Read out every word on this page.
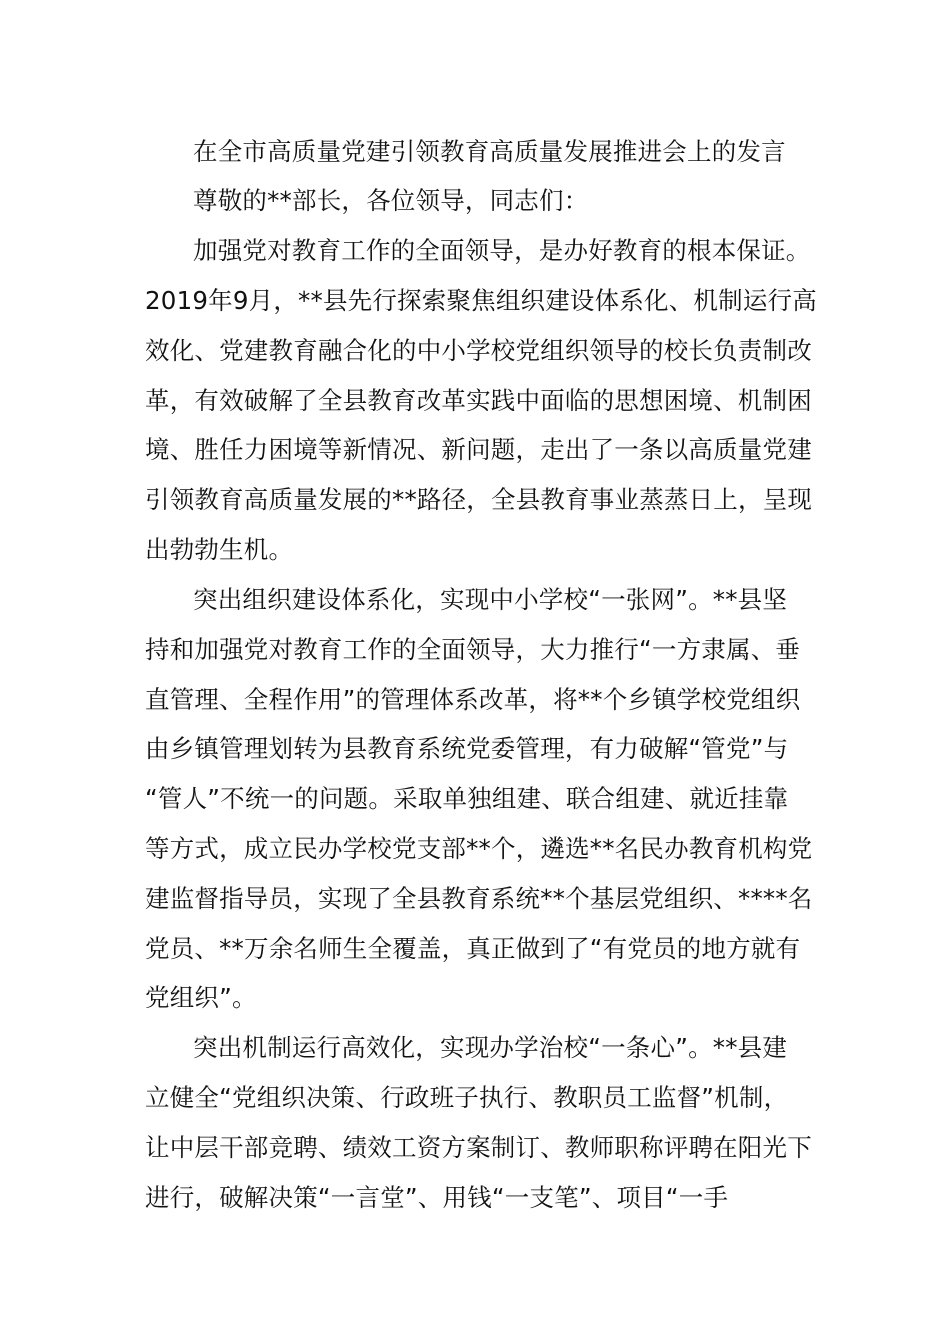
在全市高质量党建引领教育高质量发展推进会上的发言
尊敬的**部长，各位领导，同志们：
加强党对教育工作的全面领导，是办好教育的根本保证。
2019年9月，**县先行探索聚焦组织建设体系化、机制运行高
效化、党建教育融合化的中小学校党组织领导的校长负责制改
革，有效破解了全县教育改革实践中面临的思想困境、机制困
境、胜任力困境等新情况、新问题，走出了一条以高质量党建
引领教育高质量发展的**路径，全县教育事业蒸蒸日上，呈现
出勃勃生机。
突出组织建设体系化，实现中小学校“一张网”。**县坚
持和加强党对教育工作的全面领导，大力推行“一方隶属、垂
直管理、全程作用”的管理体系改革，将**个乡镇学校党组织
由乡镇管理划转为县教育系统党委管理，有力破解“管党”与
“管人”不统一的问题。采取单独组建、联合组建、就近挂靠
等方式，成立民办学校党支部**个，遴选**名民办教育机构党
建监督指导员，实现了全县教育系统**个基层党组织、****名
党员、**万余名师生全覆盖，真正做到了“有党员的地方就有
党组织”。
突出机制运行高效化，实现办学治校“一条心”。**县建
立健全“党组织决策、行政班子执行、教职员工监督”机制，
让中层干部竞聘、绩效工资方案制订、教师职称评聘在阳光下
进行，破解决策“一言堂”、用钱“一支笔”、项目“一手
